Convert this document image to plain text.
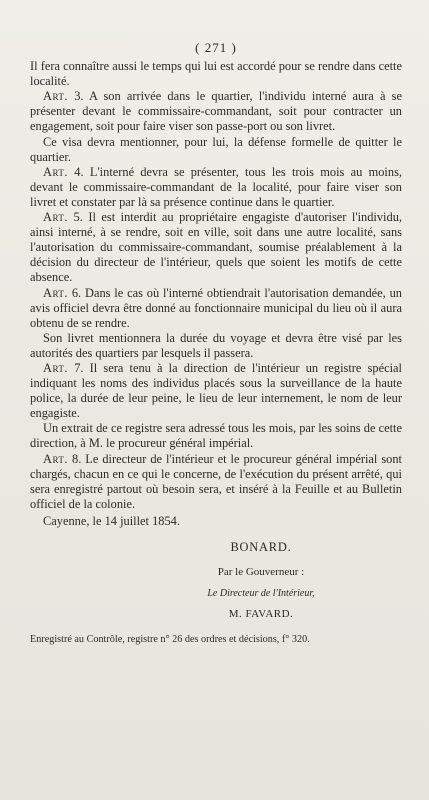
( 271 )

Il fera connaître aussi le temps qui lui est accordé pour se rendre dans cette localité.

Art. 3. A son arrivée dans le quartier, l'individu interné aura à se présenter devant le commissaire-commandant, soit pour contracter un engagement, soit pour faire viser son passe-port ou son livret.

Ce visa devra mentionner, pour lui, la défense formelle de quitter le quartier.

Art. 4. L'interné devra se présenter, tous les trois mois au moins, devant le commissaire-commandant de la localité, pour faire viser son livret et constater par là sa présence continue dans le quartier.

Art. 5. Il est interdit au propriétaire engagiste d'autoriser l'individu, ainsi interné, à se rendre, soit en ville, soit dans une autre localité, sans l'autorisation du commissaire-commandant, soumise préalablement à la décision du directeur de l'intérieur, quels que soient les motifs de cette absence.

Art. 6. Dans le cas où l'interné obtiendrait l'autorisation demandée, un avis officiel devra être donné au fonctionnaire municipal du lieu où il aura obtenu de se rendre.

Son livret mentionnera la durée du voyage et devra être visé par les autorités des quartiers par lesquels il passera.

Art. 7. Il sera tenu à la direction de l'intérieur un registre spécial indiquant les noms des individus placés sous la surveillance de la haute police, la durée de leur peine, le lieu de leur internement, le nom de leur engagiste.

Un extrait de ce registre sera adressé tous les mois, par les soins de cette direction, à M. le procureur général impérial.

Art. 8. Le directeur de l'intérieur et le procureur général impérial sont chargés, chacun en ce qui le concerne, de l'exécution du présent arrêté, qui sera enregistré partout où besoin sera, et inséré à la Feuille et au Bulletin officiel de la colonie.

Cayenne, le 14 juillet 1854.

BONARD.
Par le Gouverneur :
Le Directeur de l'Intérieur,
M. FAVARD.
Enregistré au Contrôle, registre n° 26 des ordres et décisions, f° 320.
